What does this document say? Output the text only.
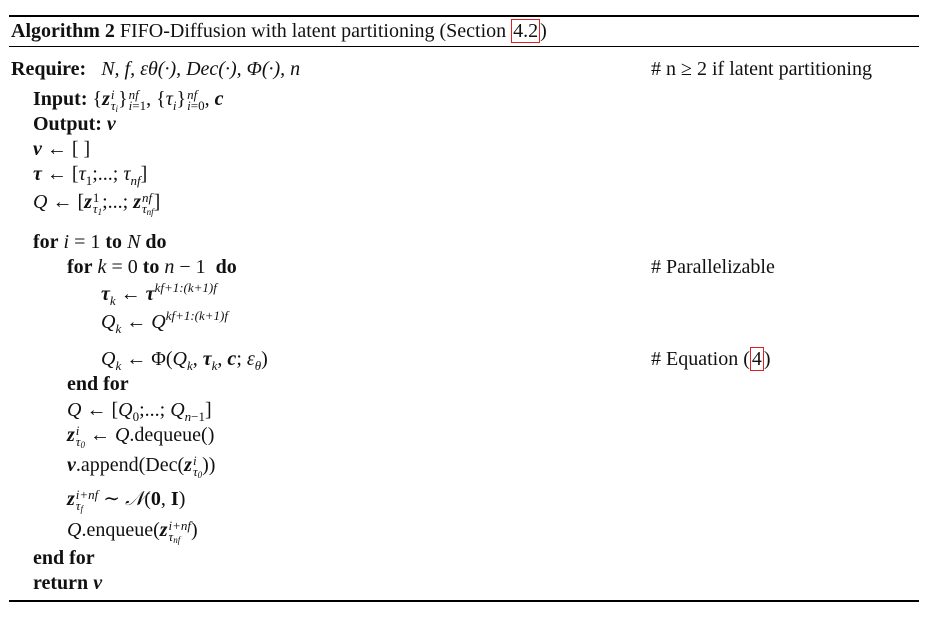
Algorithm 2 FIFO-Diffusion with latent partitioning (Section 4.2 )
Require: N, f, εθ(·), Dec(·), Φ(·), n	# n ≥ 2 if latent partitioning
Input: {z i
$\tau_i$ } nf
i=1 , $\{\tau_i\}$ nf
i=0 , c
Output: v
v ← [ ]
τ ← [$\tau_1$;...; $\tau_{nf}$]
Q ← [z 1
$\tau_1$ ;...; z nf
$\tau_{nf}$ ]
for i = 1 to N do
for k = 0 to n − 1  do	# Parallelizable
$\tau_k$ ← $\tau^{kf+1:(k+1)f}$
$Q_k$ ← $Q^{kf+1:(k+1)f}$
$Q_k$ ← $\Phi(Q_k$, $\tau_k$, c; $\varepsilon_\theta$)	# Equation ( 4 )
end for
Q ← [$Q_0$;...; $Q_{n-1}$]
z i
$\tau_0$ ← Q.dequeue()
v.append(Dec(z i
$\tau_0$ ))
z i+nf
$\tau_f$ ∼ 𝒩(0, I)
Q.enqueue(z i+nf
$\tau_{nf}$ )
end for
return v
